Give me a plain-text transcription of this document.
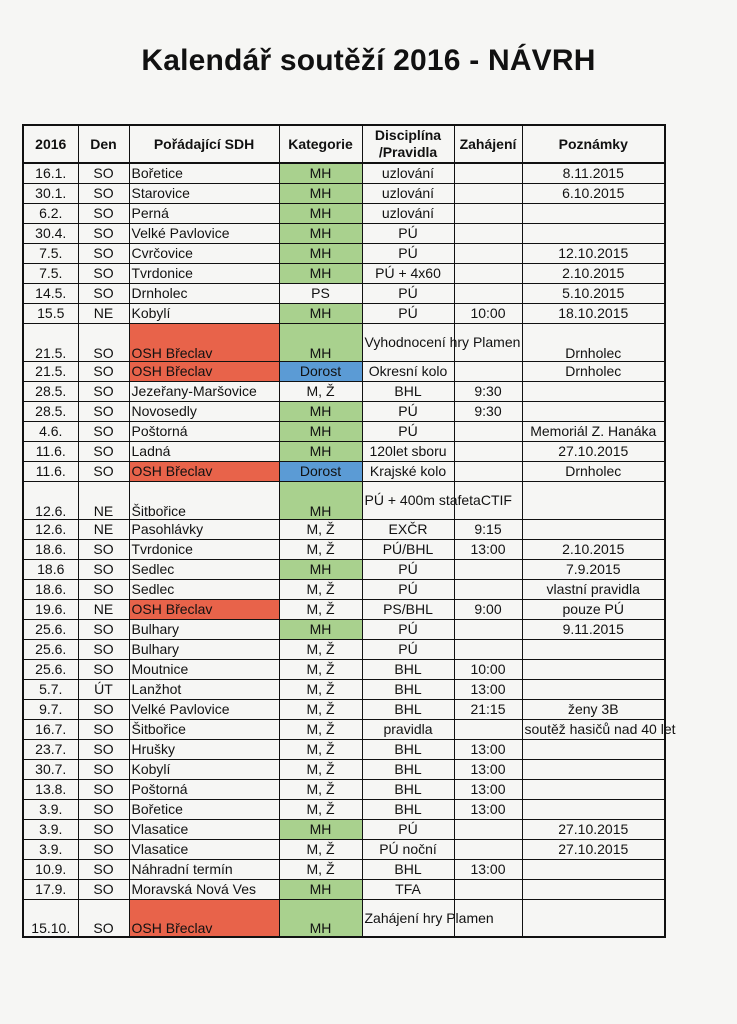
Kalendář soutěží 2016 - NÁVRH
2016	Den	Pořádající SDH	Kategorie	Disciplína /Pravidla	Zahájení	Poznámky
16.1.	SO	Bořetice	MH	uzlování		8.11.2015
30.1.	SO	Starovice	MH	uzlování		6.10.2015
6.2.	SO	Perná	MH	uzlování		
30.4.	SO	Velké Pavlovice	MH	PÚ		
7.5.	SO	Cvrčovice	MH	PÚ		12.10.2015
7.5.	SO	Tvrdonice	MH	PÚ + 4x60		2.10.2015
14.5.	SO	Drnholec	PS	PÚ		5.10.2015
15.5	NE	Kobylí	MH	PÚ	10:00	18.10.2015
21.5.	SO	OSH Břeclav	MH	Vyhodnocení hry Plamen		Drnholec
21.5.	SO	OSH Břeclav	Dorost	Okresní kolo		Drnholec
28.5.	SO	Jezeřany-Maršovice	M, Ž	BHL	9:30	
28.5.	SO	Novosedly	MH	PÚ	9:30	
4.6.	SO	Poštorná	MH	PÚ		Memoriál Z. Hanáka
11.6.	SO	Ladná	MH	120let sboru		27.10.2015
11.6.	SO	OSH Břeclav	Dorost	Krajské kolo		Drnholec
12.6.	NE	Šitbořice	MH	PÚ + 400m stafetaCTIF		
12.6.	NE	Pasohlávky	M, Ž	EXČR	9:15	
18.6.	SO	Tvrdonice	M, Ž	PÚ/BHL	13:00	2.10.2015
18.6	SO	Sedlec	MH	PÚ		7.9.2015
18.6.	SO	Sedlec	M, Ž	PÚ		vlastní pravidla
19.6.	NE	OSH Břeclav	M, Ž	PS/BHL	9:00	pouze PÚ
25.6.	SO	Bulhary	MH	PÚ		9.11.2015
25.6.	SO	Bulhary	M, Ž	PÚ		
25.6.	SO	Moutnice	M, Ž	BHL	10:00	
5.7.	ÚT	Lanžhot	M, Ž	BHL	13:00	
9.7.	SO	Velké Pavlovice	M, Ž	BHL	21:15	ženy 3B
16.7.	SO	Šitbořice	M, Ž	pravidla		soutěž hasičů nad 40 let
23.7.	SO	Hrušky	M, Ž	BHL	13:00	
30.7.	SO	Kobylí	M, Ž	BHL	13:00	
13.8.	SO	Poštorná	M, Ž	BHL	13:00	
3.9.	SO	Bořetice	M, Ž	BHL	13:00	
3.9.	SO	Vlasatice	MH	PÚ		27.10.2015
3.9.	SO	Vlasatice	M, Ž	PÚ noční		27.10.2015
10.9.	SO	Náhradní termín	M, Ž	BHL	13:00	
17.9.	SO	Moravská Nová Ves	MH	TFA		
15.10.	SO	OSH Břeclav	MH	Zahájení hry Plamen		
